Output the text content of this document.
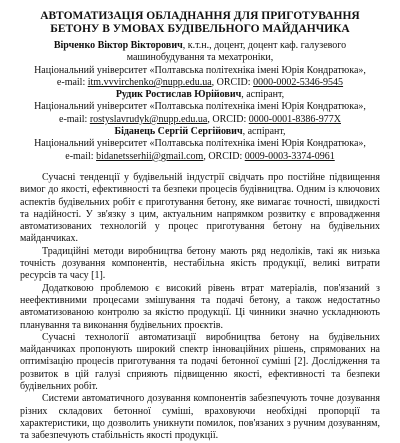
АВТОМАТИЗАЦІЯ ОБЛАДНАННЯ ДЛЯ ПРИГОТУВАННЯ
БЕТОНУ В УМОВАХ БУДІВЕЛЬНОГО МАЙДАНЧИКА
Вірченко Віктор Вікторович, к.т.н., доцент, доцент каф. галузевого
машинобудування та мехатроніки,
Національний університет «Полтавська політехніка імені Юрія Кондратюка»,
e-mail: itm.vvvirchenko@nupp.edu.ua, ORCID: 0000-0002-5346-9545
Рудик Ростислав Юрійович, аспірант,
Національний університет «Полтавська політехніка імені Юрія Кондратюка»,
e-mail: rostyslavrudyk@nupp.edu.ua, ORCID: 0000-0001-8386-977X
Біданець Сергій Сергійович, аспірант,
Національний університет «Полтавська політехніка імені Юрія Кондратюка»,
e-mail: bidanetsserhii@gmail.com, ORCID: 0009-0003-3374-0961

Сучасні тенденції у будівельній індустрії свідчать про постійне підвищення вимог до якості, ефективності та безпеки процесів будівництва. Одним із ключових аспектів будівельних робіт є приготування бетону, яке вимагає точності, швидкості та надійності. У зв'язку з цим, актуальним напрямком розвитку є впровадження автоматизованих технологій у процес приготування бетону на будівельних майданчиках.

Традиційні методи виробництва бетону мають ряд недоліків, такі як низька точність дозування компонентів, нестабільна якість продукції, великі витрати ресурсів та часу [1].

Додатковою проблемою є високий рівень втрат матеріалів, пов'язаний з неефективними процесами змішування та подачі бетону, а також недостатньо автоматизованою контролю за якістю продукції. Ці чинники значно ускладнюють планування та виконання будівельних проєктів.

Сучасні технології автоматизації виробництва бетону на будівельних майданчиках пропонують широкий спектр інноваційних рішень, спрямованих на оптимізацію процесів приготування та подачі бетонної суміші [2]. Дослідження та розвиток в цій галузі сприяють підвищенню якості, ефективності та безпеки будівельних робіт.

Системи автоматичного дозування компонентів забезпечують точне дозування різних складових бетонної суміші, враховуючи необхідні пропорції та характеристики, що дозволить уникнути помилок, пов'язаних з ручним дозуванням, та забезпечують стабільність якості продукції.
